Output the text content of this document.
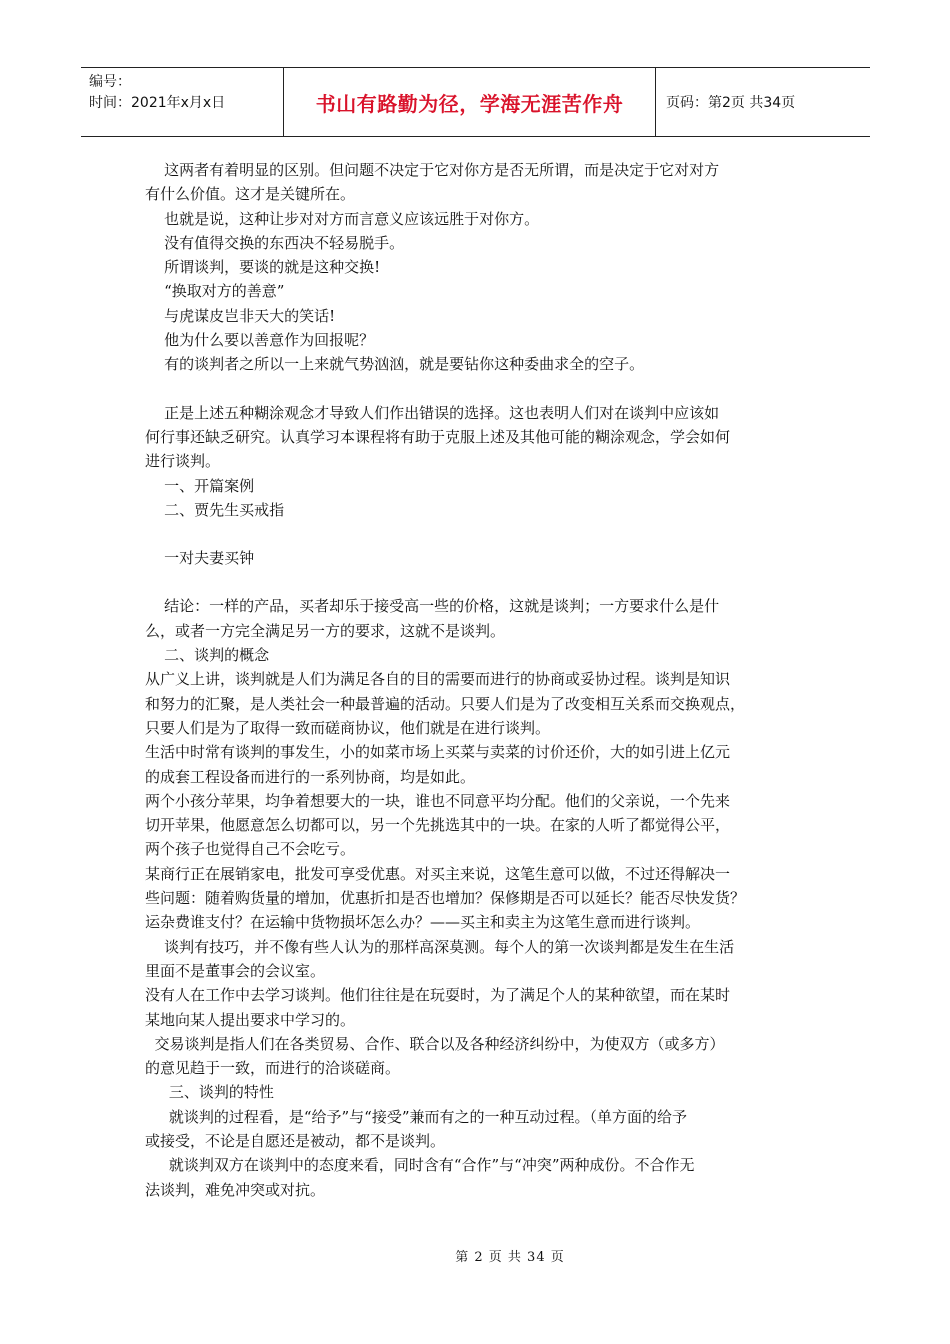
编号：
时间：2021年x月x日	书山有路勤为径，学海无涯苦作舟	页码：第2页 共34页
这两者有着明显的区别。但问题不决定于它对你方是否无所谓，而是决定于它对对方
有什么价值。这才是关键所在。
也就是说，这种让步对对方而言意义应该远胜于对你方。
没有值得交换的东西决不轻易脱手。
所谓谈判，要谈的就是这种交换!
“换取对方的善意”
与虎谋皮岂非天大的笑话!
他为什么要以善意作为回报呢？
有的谈判者之所以一上来就气势汹汹，就是要钻你这种委曲求全的空子。
正是上述五种糊涂观念才导致人们作出错误的选择。这也表明人们对在谈判中应该如
何行事还缺乏研究。认真学习本课程将有助于克服上述及其他可能的糊涂观念，学会如何
进行谈判。
一、开篇案例
二、贾先生买戒指
一对夫妻买钟
结论：一样的产品，买者却乐于接受高一些的价格，这就是谈判；一方要求什么是什
么，或者一方完全满足另一方的要求，这就不是谈判。
二、谈判的概念
从广义上讲，谈判就是人们为满足各自的目的需要而进行的协商或妥协过程。谈判是知识
和努力的汇聚，是人类社会一种最普遍的活动。只要人们是为了改变相互关系而交换观点，
只要人们是为了取得一致而磋商协议，他们就是在进行谈判。
生活中时常有谈判的事发生，小的如菜市场上买菜与卖菜的讨价还价，大的如引进上亿元
的成套工程设备而进行的一系列协商，均是如此。
两个小孩分苹果，均争着想要大的一块，谁也不同意平均分配。他们的父亲说，一个先来
切开苹果，他愿意怎么切都可以，另一个先挑选其中的一块。在家的人听了都觉得公平，
两个孩子也觉得自己不会吃亏。
某商行正在展销家电，批发可享受优惠。对买主来说，这笔生意可以做，不过还得解决一
些问题：随着购货量的增加，优惠折扣是否也增加？保修期是否可以延长？能否尽快发货？
运杂费谁支付？在运输中货物损坏怎么办？——买主和卖主为这笔生意而进行谈判。
谈判有技巧，并不像有些人认为的那样高深莫测。每个人的第一次谈判都是发生在生活
里面不是董事会的会议室。
没有人在工作中去学习谈判。他们往往是在玩耍时，为了满足个人的某种欲望，而在某时
某地向某人提出要求中学习的。
交易谈判是指人们在各类贸易、合作、联合以及各种经济纠纷中，为使双方（或多方）
的意见趋于一致，而进行的洽谈磋商。
三、谈判的特性
就谈判的过程看，是“给予”与“接受”兼而有之的一种互动过程。（单方面的给予
或接受，不论是自愿还是被动，都不是谈判。
就谈判双方在谈判中的态度来看，同时含有“合作”与“冲突”两种成份。不合作无
法谈判，难免冲突或对抗。
第 2 页 共 34 页
